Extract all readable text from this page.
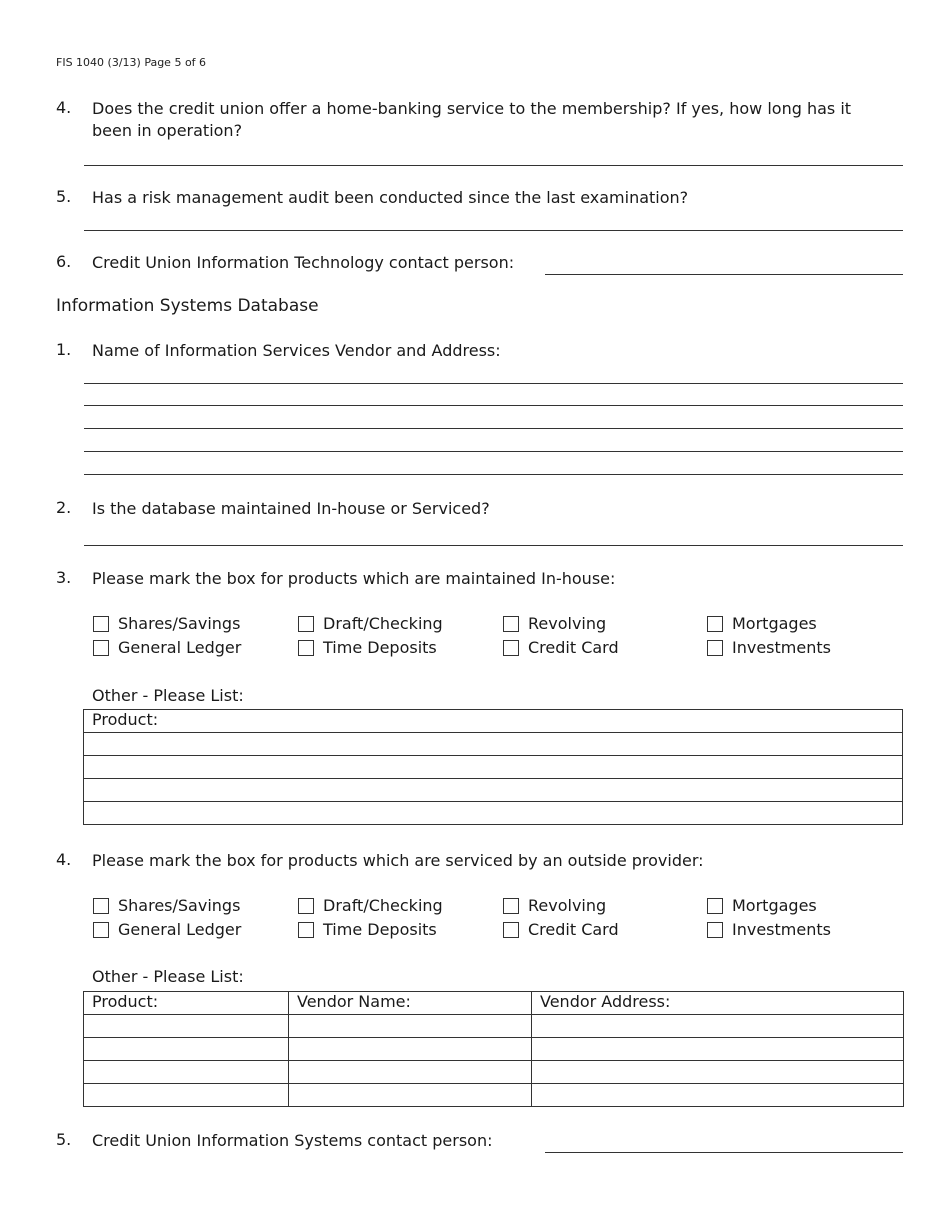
FIS 1040 (3/13) Page 5 of 6
4. Does the credit union offer a home-banking service to the membership? If yes, how long has it been in operation?
5. Has a risk management audit been conducted since the last examination?
6. Credit Union Information Technology contact person:
Information Systems Database
1. Name of Information Services Vendor and Address:
2. Is the database maintained In-house or Serviced?
3. Please mark the box for products which are maintained In-house:
Shares/Savings	Draft/Checking	Revolving	Mortgages
General Ledger	Time Deposits	Credit Card	Investments
Other - Please List:
Product:

4. Please mark the box for products which are serviced by an outside provider:
Shares/Savings	Draft/Checking	Revolving	Mortgages
General Ledger	Time Deposits	Credit Card	Investments
Other - Please List:
Product:	Vendor Name:	Vendor Address:

5. Credit Union Information Systems contact person:
